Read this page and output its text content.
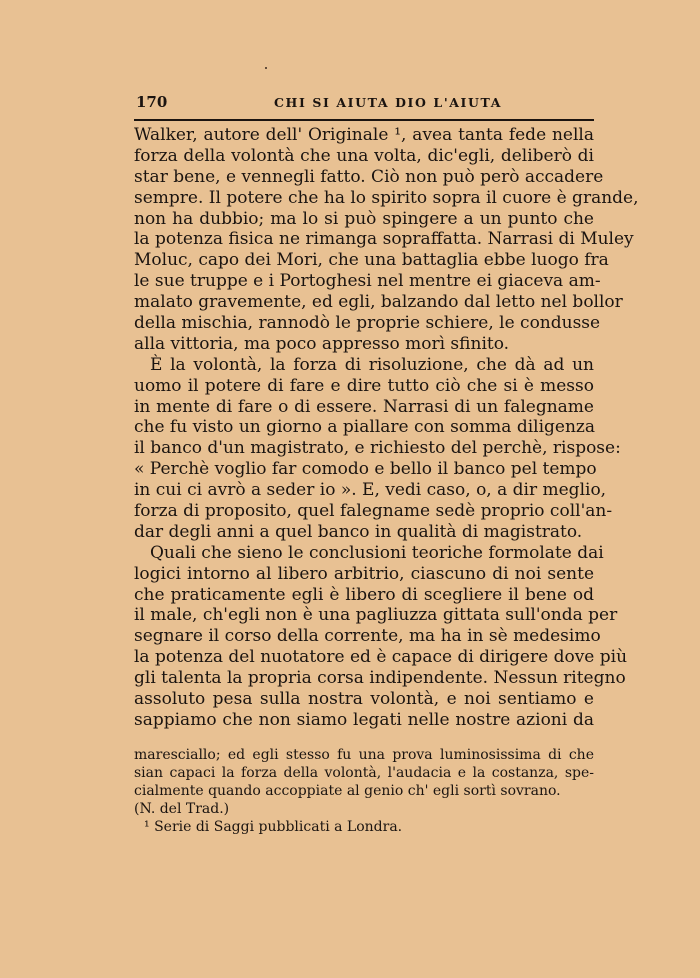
170	CHI SI AIUTA DIO L'AIUTA
Walker, autore dell' Originale ¹, avea tanta fede nella
forza della volontà che una volta, dic'egli, deliberò di
star bene, e vennegli fatto. Ciò non può però accadere
sempre. Il potere che ha lo spirito sopra il cuore è grande,
non ha dubbio; ma lo si può spingere a un punto che
la potenza fisica ne rimanga sopraffatta. Narrasi di Muley
Moluc, capo dei Mori, che una battaglia ebbe luogo fra
le sue truppe e i Portoghesi nel mentre ei giaceva am-
malato gravemente, ed egli, balzando dal letto nel bollor
della mischia, rannodò le proprie schiere, le condusse
alla vittoria, ma poco appresso morì sfinito.
È la volontà, la forza di risoluzione, che dà ad un
uomo il potere di fare e dire tutto ciò che si è messo
in mente di fare o di essere. Narrasi di un falegname
che fu visto un giorno a piallare con somma diligenza
il banco d'un magistrato, e richiesto del perchè, rispose:
« Perchè voglio far comodo e bello il banco pel tempo
in cui ci avrò a seder io ». E, vedi caso, o, a dir meglio,
forza di proposito, quel falegname sedè proprio coll'an-
dar degli anni a quel banco in qualità di magistrato.
Quali che sieno le conclusioni teoriche formolate dai
logici intorno al libero arbitrio, ciascuno di noi sente
che praticamente egli è libero di scegliere il bene od
il male, ch'egli non è una pagliuzza gittata sull'onda per
segnare il corso della corrente, ma ha in sè medesimo
la potenza del nuotatore ed è capace di dirigere dove più
gli talenta la propria corsa indipendente. Nessun ritegno
assoluto pesa sulla nostra volontà, e noi sentiamo e
sappiamo che non siamo legati nelle nostre azioni da
maresciallo; ed egli stesso fu una prova luminosissima di che
sian capaci la forza della volontà, l'audacia e la costanza, spe-
cialmente quando accoppiate al genio ch' egli sortì sovrano.
(N. del Trad.)
¹ Serie di Saggi pubblicati a Londra.
